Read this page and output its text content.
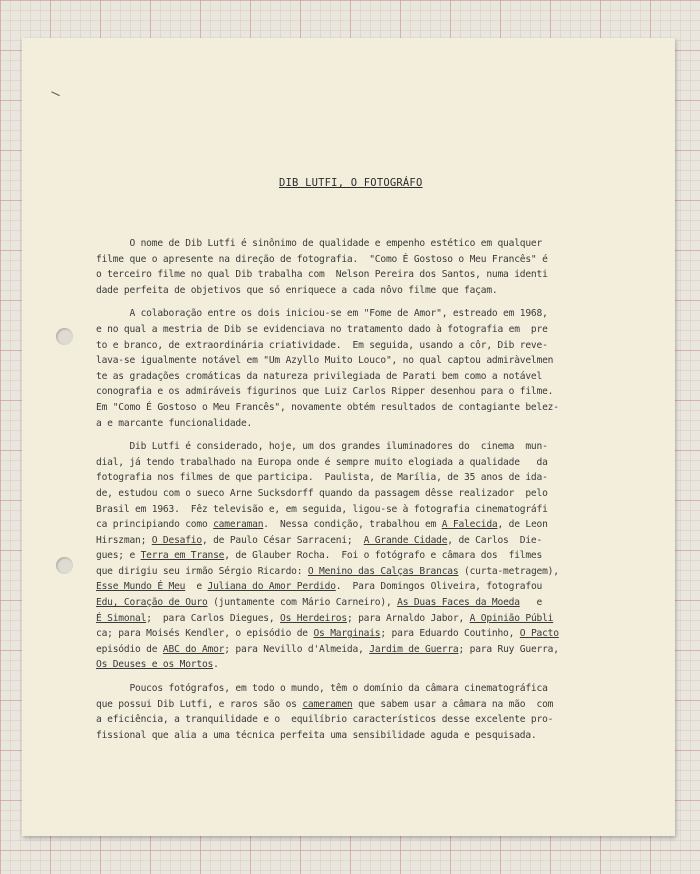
DIB LUTFI, O FOTOGRÁFO
O nome de Dib Lutfi é sinônimo de qualidade e empenho estético em qualquer
filme que o apresente na direção de fotografia.  "Como É Gostoso o Meu Francês" é
o terceiro filme no qual Dib trabalha com  Nelson Pereira dos Santos, numa identi
dade perfeita de objetivos que só enriquece a cada nôvo filme que façam.
A colaboração entre os dois iniciou-se em "Fome de Amor", estreado em 1968,
e no qual a mestria de Dib se evidenciava no tratamento dado à fotografia em  pre
to e branco, de extraordinária criatividade.  Em seguida, usando a côr, Dib reve-
lava-se igualmente notável em "Um Azyllo Muito Louco", no qual captou admiràvelmen
te as gradações cromáticas da natureza privilegiada de Parati bem como a notável
conografia e os admiráveis figurinos que Luiz Carlos Ripper desenhou para o filme.
Em "Como É Gostoso o Meu Francês", novamente obtém resultados de contagiante belez-
a e marcante funcionalidade.
Dib Lutfi é considerado, hoje, um dos grandes iluminadores do  cinema  mun-
dial, já tendo trabalhado na Europa onde é sempre muito elogiada a qualidade   da
fotografia nos filmes de que participa.  Paulista, de Marília, de 35 anos de ida-
de, estudou com o sueco Arne Sucksdorff quando da passagem dêsse realizador  pelo
Brasil em 1963.  Fêz televisão e, em seguida, ligou-se à fotografia cinematográfi
ca principiando como cameraman.  Nessa condição, trabalhou em A Falecida, de Leon
Hirszman; O Desafio, de Paulo César Sarraceni;  A Grande Cidade, de Carlos  Die-
gues; e Terra em Transe, de Glauber Rocha.  Foi o fotógrafo e câmara dos  filmes
que dirigiu seu irmão Sérgio Ricardo: O Menino das Calças Brancas (curta-metragem),
Esse Mundo É Meu  e Juliana do Amor Perdido.  Para Domingos Oliveira, fotografou
Edu, Coração de Ouro (juntamente com Mário Carneiro), As Duas Faces da Moeda   e
É Simonal;  para Carlos Diegues, Os Herdeiros; para Arnaldo Jabor, A Opinião Públi
ca; para Moisés Kendler, o episódio de Os Marginais; para Eduardo Coutinho, O Pacto
episódio de ABC do Amor; para Nevillo d'Almeida, Jardim de Guerra; para Ruy Guerra,
Os Deuses e os Mortos.
Poucos fotógrafos, em todo o mundo, têm o domínio da câmara cinematográfica
que possui Dib Lutfi, e raros são os cameramen que sabem usar a câmara na mão  com
a eficiência, a tranquilidade e o  equilíbrio característicos desse excelente pro-
fissional que alia a uma técnica perfeita uma sensibilidade aguda e pesquisada.
